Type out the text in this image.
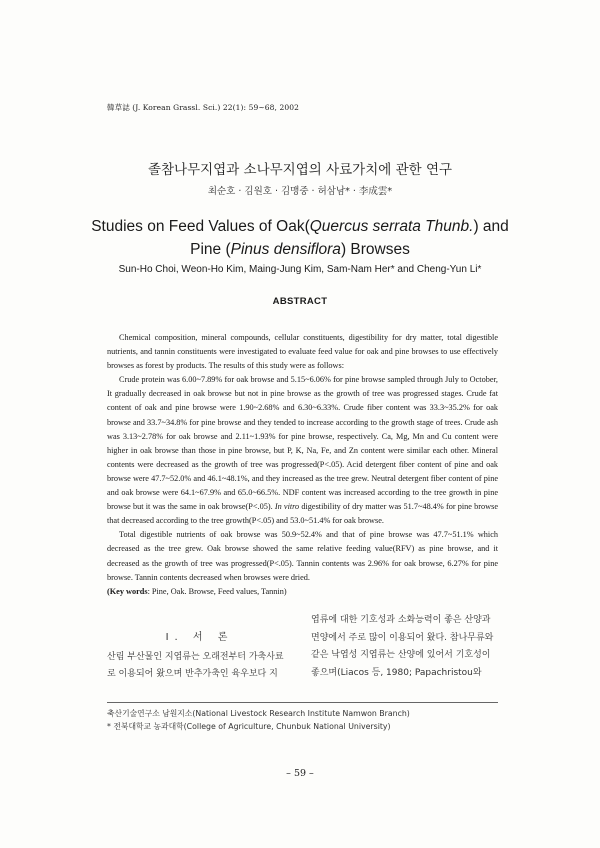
韓草誌 (J. Korean Grassl. Sci.) 22(1): 59~68, 2002
졸참나무지엽과 소나무지엽의 사료가치에 관한 연구
최순호 · 김원호 · 김맹중 · 허삼남* · 李成雲*
Studies on Feed Values of Oak(Quercus serrata Thunb.) and
Pine (Pinus densiflora) Browses
Sun-Ho Choi, Weon-Ho Kim, Maing-Jung Kim, Sam-Nam Her* and Cheng-Yun Li*
ABSTRACT

Chemical composition, mineral compounds, cellular constituents, digestibility for dry matter, total digestible nutrients, and tannin constituents were investigated to evaluate feed value for oak and pine browses to use effectively browses as forest by products. The results of this study were as follows:

Crude protein was 6.00~7.89% for oak browse and 5.15~6.06% for pine browse sampled through July to October, It gradually decreased in oak browse but not in pine browse as the growth of tree was progressed stages. Crude fat content of oak and pine browse were 1.90~2.68% and 6.30~6.33%. Crude fiber content was 33.3~35.2% for oak browse and 33.7~34.8% for pine browse and they tended to increase according to the growth stage of trees. Crude ash was 3.13~2.78% for oak browse and 2.11~1.93% for pine browse, respectively. Ca, Mg, Mn and Cu content were higher in oak browse than those in pine browse, but P, K, Na, Fe, and Zn content were similar each other. Mineral contents were decreased as the growth of tree was progressed(P<.05). Acid detergent fiber content of pine and oak browse were 47.7~52.0% and 46.1~48.1%, and they increased as the tree grew. Neutral detergent fiber content of pine and oak browse were 64.1~67.9% and 65.0~66.5%. NDF content was increased according to the tree growth in pine browse but it was the same in oak browse(P<.05). In vitro digestibility of dry matter was 51.7~48.4% for pine browse that decreased according to the tree growth(P<.05) and 53.0~51.4% for oak browse.

Total digestible nutrients of oak browse was 50.9~52.4% and that of pine browse was 47.7~51.1% which decreased as the tree grew. Oak browse showed the same relative feeding value(RFV) as pine browse, and it decreased as the growth of tree was progressed(P<.05). Tannin contents was 2.96% for oak browse, 6.27% for pine browse. Tannin contents decreased when browses were dried.

(Key words: Pine, Oak. Browse, Feed values, Tannin)

Ⅰ. 서 론
산림 부산물인 지엽류는 오래전부터 가축사료로 이용되어 왔으며 반추가축인 육우보다 지
엽류에 대한 기호성과 소화능력이 좋은 산양과 면양에서 주로 많이 이용되어 왔다. 참나무류와 같은 낙엽성 지엽류는 산양에 있어서 기호성이 좋으며(Liacos 등, 1980; Papachristou와
축산기술연구소 남원지소(National Livestock Research Institute Namwon Branch)
* 전북대학교 농과대학(College of Agriculture, Chunbuk National University)
– 59 –
